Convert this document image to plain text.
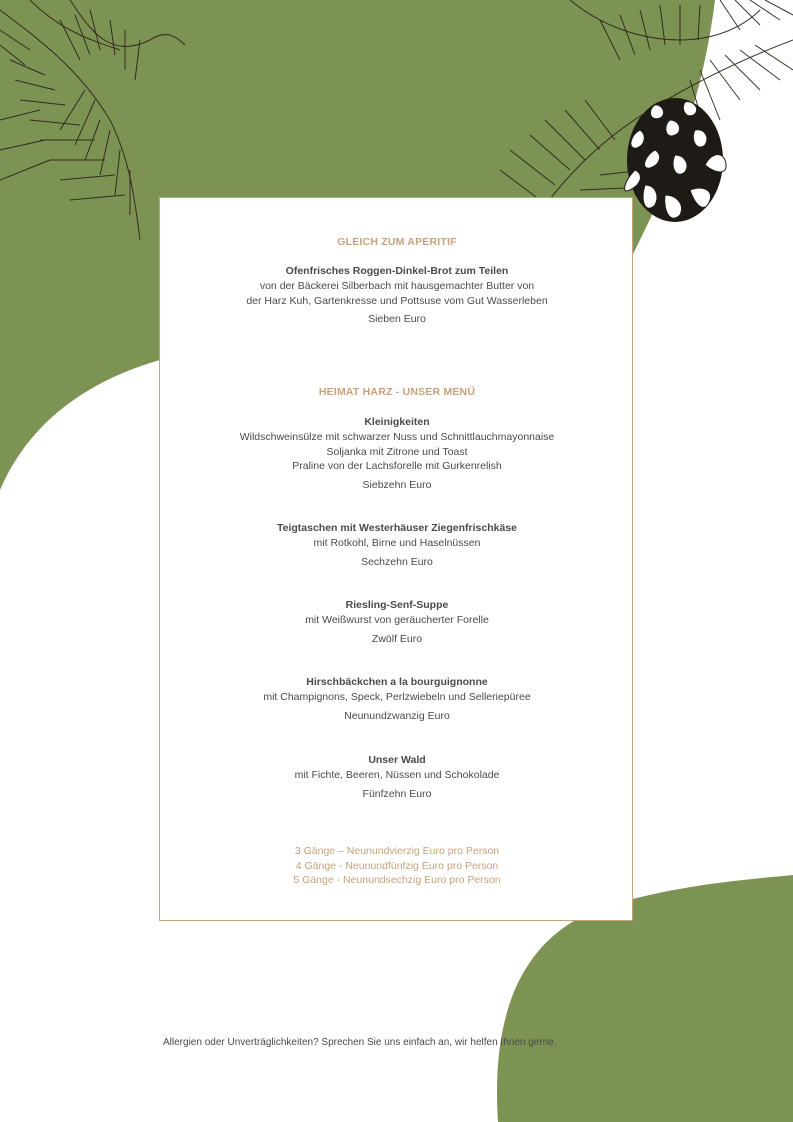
GLEICH ZUM APERITIF

Ofenfrisches Roggen-Dinkel-Brot zum Teilen

von der Bäckerei Silberbach mit hausgemachter Butter von

der Harz Kuh, Gartenkresse und Pottsuse vom Gut Wasserleben

Sieben Euro

HEIMAT HARZ - UNSER MENÜ

Kleinigkeiten

Wildschweinsülze mit schwarzer Nuss und Schnittlauchmayonnaise

Soljanka mit Zitrone und Toast

Praline von der Lachsforelle mit Gurkenrelish

Siebzehn Euro

Teigtaschen mit Westerhäuser Ziegenfrischkäse

mit Rotkohl, Birne und Haselnüssen

Sechzehn Euro

Riesling-Senf-Suppe

mit Weißwurst von geräucherter Forelle

Zwölf Euro

Hirschbäckchen a la bourguignonne

mit Champignons, Speck, Perlzwiebeln und Selleriepüree

Neunundzwanzig Euro

Unser Wald

mit Fichte, Beeren, Nüssen und Schokolade

Fünfzehn Euro

3 Gänge – Neunundvierzig Euro pro Person
4 Gänge - Neunundfünfzig Euro pro Person
5 Gänge - Neunundsechzig Euro pro Person
Allergien oder Unverträglichkeiten? Sprechen Sie uns einfach an, wir helfen Ihnen gerne.
